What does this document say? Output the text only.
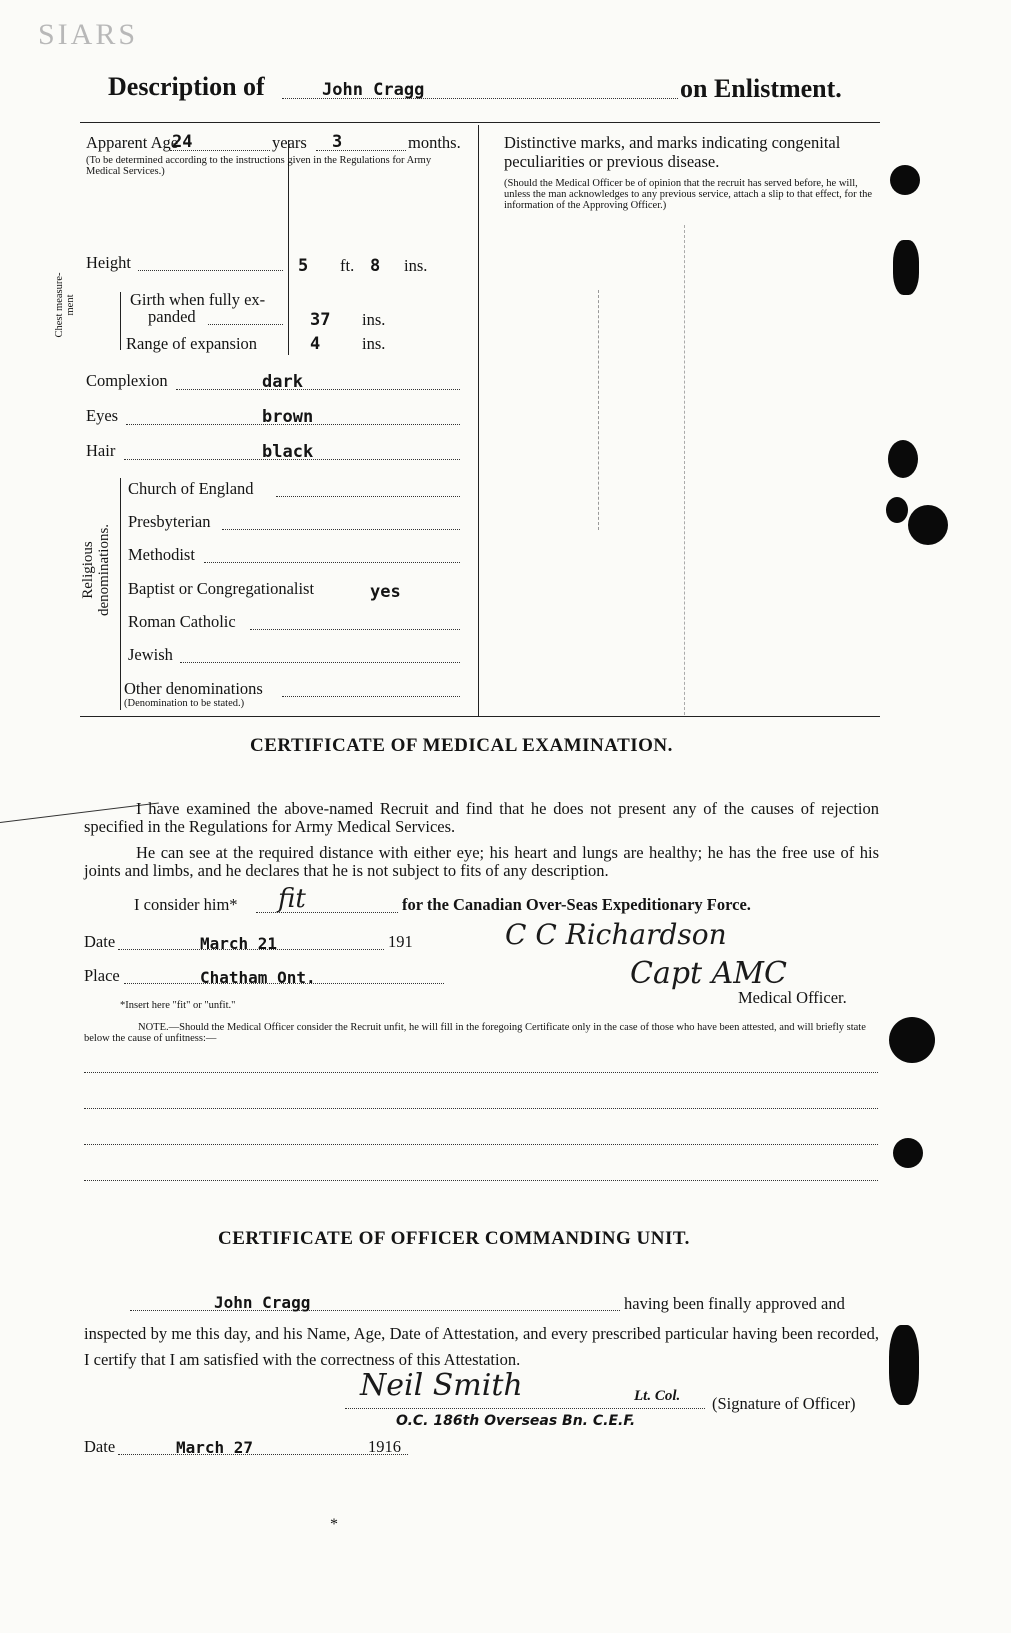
SIARS
Description of	John Cragg	on Enlistment.
Apparent Age
24	years 3	months.
(To be determined according to the instructions given in the Regulations for Army Medical Services.)
Distinctive marks, and marks indicating congenital peculiarities or previous disease.
(Should the Medical Officer be of opinion that the recruit has served before, he will, unless the man acknowledges to any previous service, attach a slip to that effect, for the information of the Approving Officer.)
Height	5 ft. 8 ins.
Chest measure-ment	Girth when fully ex-
panded	37 ins.
Range of expansion	4	ins.
Complexion	dark
Eyes	brown
Hair	black
Religious denominations.
Church of England
Presbyterian
Methodist
Baptist or Congregationalist	yes
Roman Catholic
Jewish
Other denominations
(Denomination to be stated.)
CERTIFICATE OF MEDICAL EXAMINATION.
I have examined the above-named Recruit and find that he does not present any of the causes of rejection specified in the Regulations for Army Medical Services.
He can see at the required distance with either eye; his heart and lungs are healthy; he has the free use of his joints and limbs, and he declares that he is not subject to fits of any description.
I consider him* fit	for the Canadian Over-Seas Expeditionary Force.
Date	March 21	191	C C Richardson
Place	Chatham Ont.	Capt AMC
Medical Officer.
*Insert here "fit" or "unfit."
NOTE.—Should the Medical Officer consider the Recruit unfit, he will fill in the foregoing Certificate only in the case of those who have been attested, and will briefly state below the cause of unfitness:—
CERTIFICATE OF OFFICER COMMANDING UNIT.
John Cragg	having been finally approved and
inspected by me this day, and his Name, Age, Date of Attestation, and every prescribed particular having been recorded, I certify that I am satisfied with the correctness of this Attestation.
Neil Smith	Lt. Col. (Signature of Officer)
O.C. 186th Overseas Bn. C.E.F.
Date	March 27	1916
*
